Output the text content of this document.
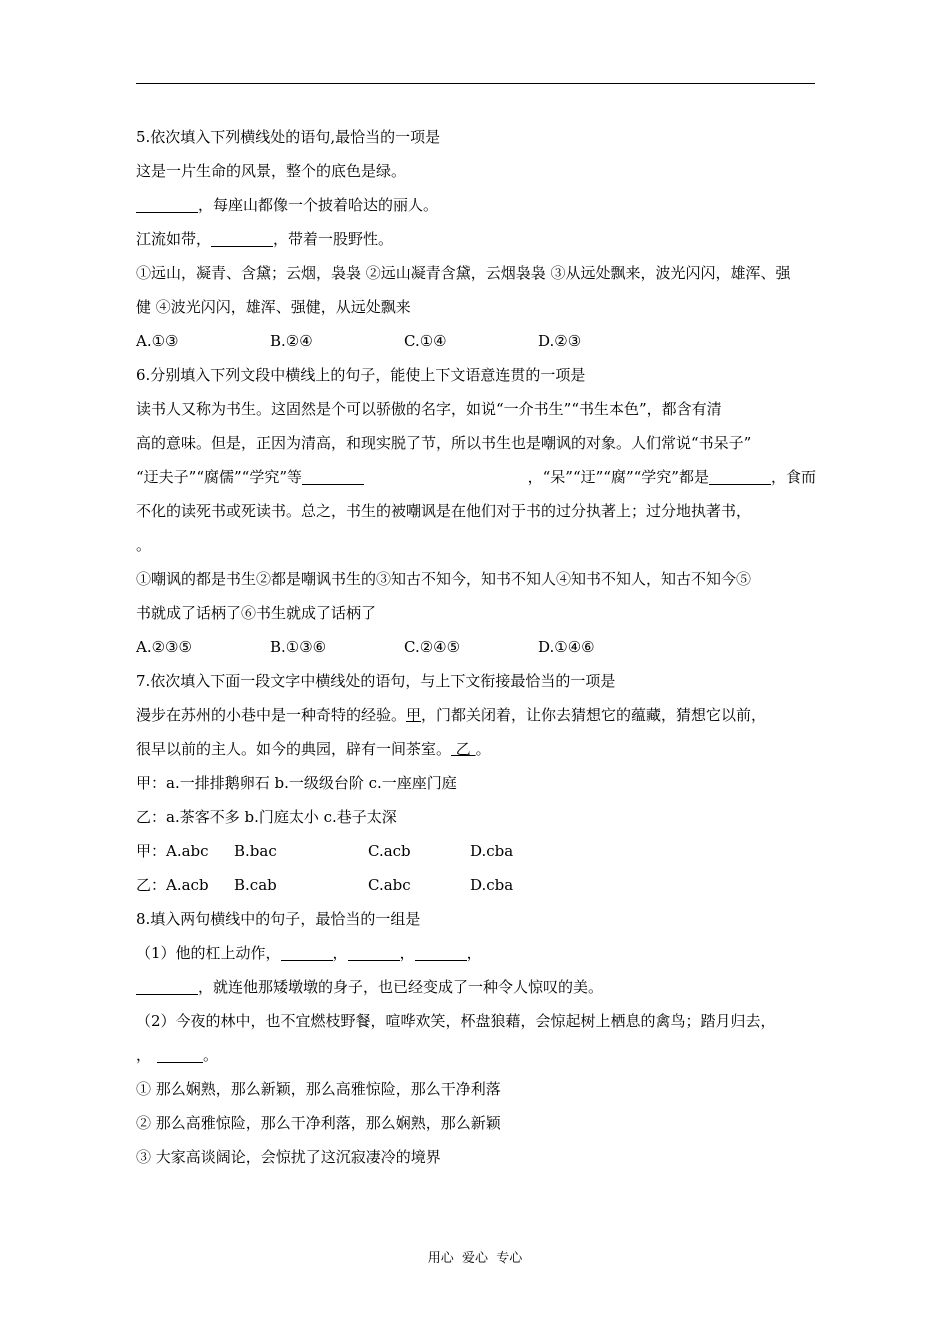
5.依次填入下列横线处的语句,最恰当的一项是
这是一片生命的风景，整个的底色是绿。
，每座山都像一个披着哈达的丽人。
江流如带，	，带着一股野性。
①远山，凝青、含黛；云烟，袅袅 ②远山凝青含黛，云烟袅袅 ③从远处飘来，波光闪闪，雄浑、强
健 ④波光闪闪，雄浑、强健，从远处飘来
A.①③	B.②④	C.①④	D.②③
6.分别填入下列文段中横线上的句子，能使上下文语意连贯的一项是
读书人又称为书生。这固然是个可以骄傲的名字，如说“一介书生”“书生本色”，都含有清
高的意味。但是，正因为清高，和现实脱了节，所以书生也是嘲讽的对象。人们常说“书呆子”
“迂夫子”“腐儒”“学究”等	，“呆”“迂”“腐”“学究”都是	，食而
不化的读死书或死读书。总之，书生的被嘲讽是在他们对于书的过分执著上；过分地执著书，
。
①嘲讽的都是书生②都是嘲讽书生的③知古不知今，知书不知人④知书不知人，知古不知今⑤
书就成了话柄了⑥书生就成了话柄了
A.②③⑤	B.①③⑥	C.②④⑤	D.①④⑥
7.依次填入下面一段文字中横线处的语句，与上下文衔接最恰当的一项是
漫步在苏州的小巷中是一种奇特的经验。甲，门都关闭着，让你去猜想它的蕴藏，猜想它以前，
很早以前的主人。如今的典园，辟有一间茶室。 乙 。
甲：a.一排排鹅卵石 b.一级级台阶 c.一座座门庭
乙：a.茶客不多 b.门庭太小 c.巷子太深
甲：A.abc	B.bac	C.acb	D.cba
乙：A.acb	B.cab	C.abc	D.cba
8.填入两句横线中的句子，最恰当的一组是
（1）他的杠上动作，	，	，	，
，就连他那矮墩墩的身子，也已经变成了一种令人惊叹的美。
（2）今夜的林中，也不宜燃枝野餐，喧哗欢笑，杯盘狼藉，会惊起树上栖息的禽鸟；踏月归去，
，	。
① 那么娴熟，那么新颖，那么高雅惊险，那么干净利落
② 那么高雅惊险，那么干净利落，那么娴熟，那么新颖
③ 大家高谈阔论，会惊扰了这沉寂凄冷的境界
用心  爱心  专心
